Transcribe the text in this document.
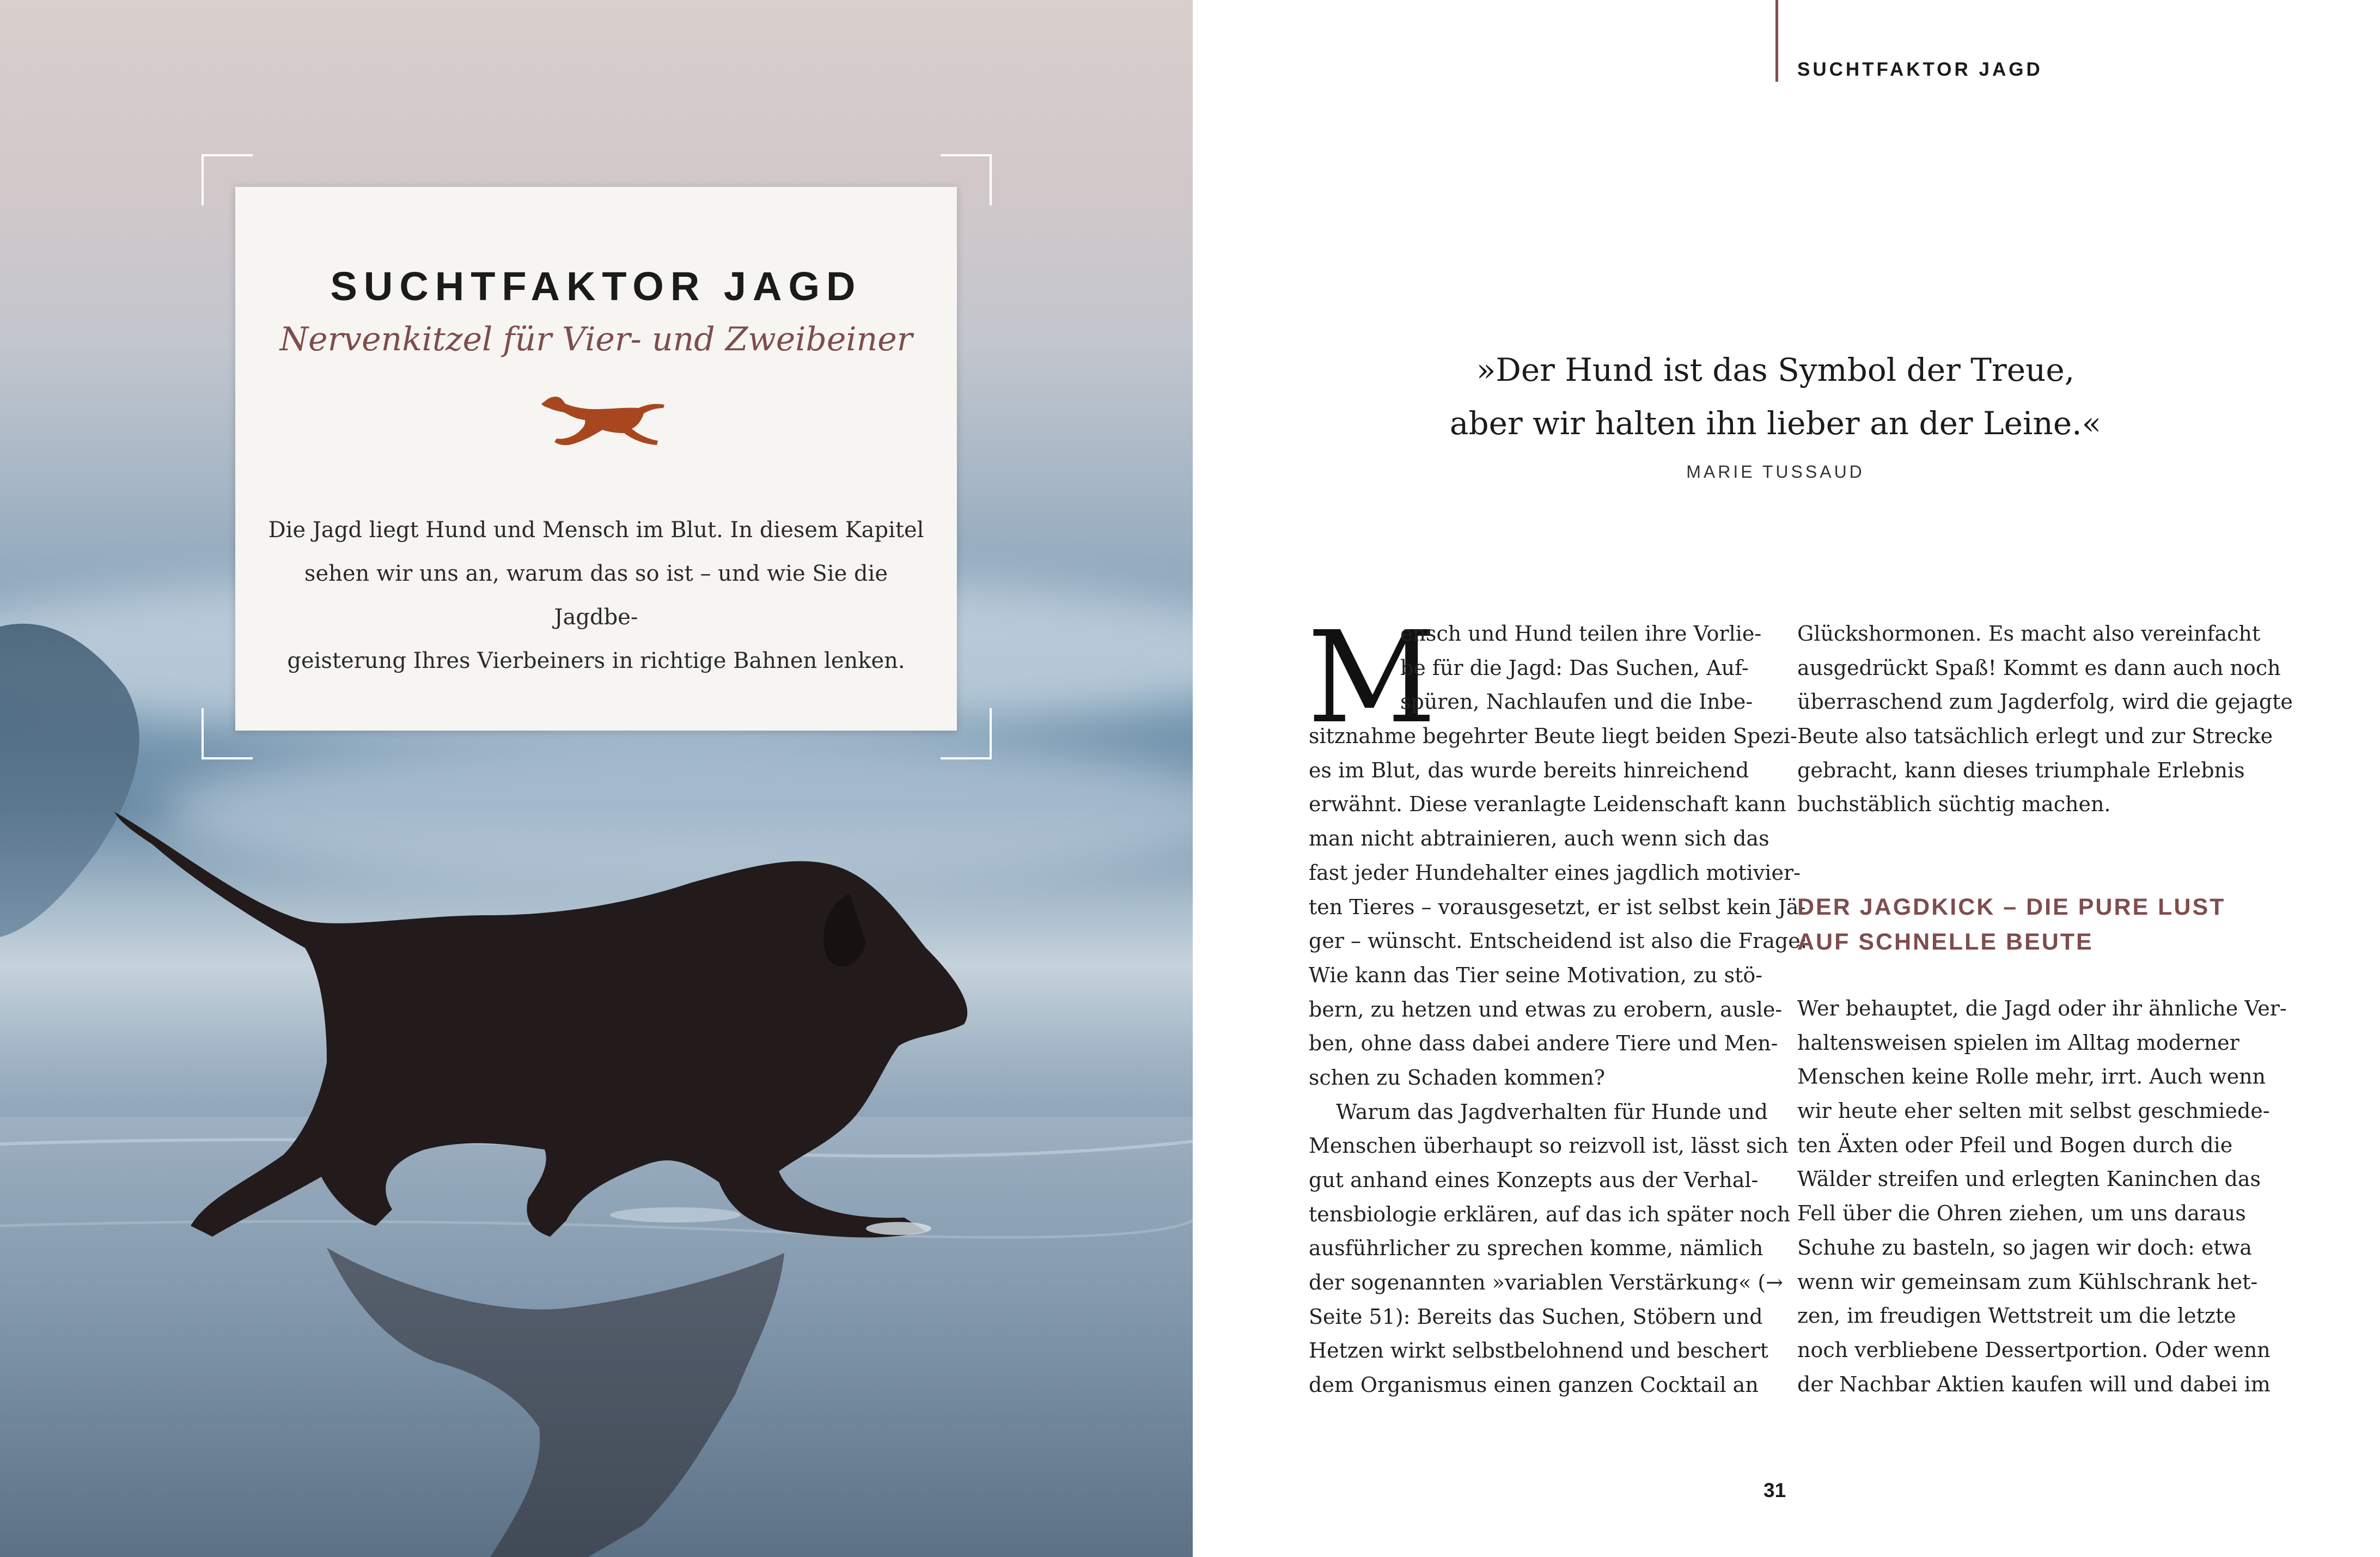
SUCHTFAKTOR JAGD
Nervenkitzel für Vier- und Zweibeiner
Die Jagd liegt Hund und Mensch im Blut. In diesem Kapitel
sehen wir uns an, warum das so ist – und wie Sie die Jagdbe-
geisterung Ihres Vierbeiners in richtige Bahnen lenken.
SUCHTFAKTOR JAGD
»Der Hund ist das Symbol der Treue,
aber wir halten ihn lieber an der Leine.«
MARIE TUSSAUD
M
ensch und Hund teilen ihre Vorlie-
be für die Jagd: Das Suchen, Auf-
spüren, Nachlaufen und die Inbe-
sitznahme begehrter Beute liegt beiden Spezi-
es im Blut, das wurde bereits hinreichend
erwähnt. Diese veranlagte Leidenschaft kann
man nicht abtrainieren, auch wenn sich das
fast jeder Hundehalter eines jagdlich motivier-
ten Tieres – vorausgesetzt, er ist selbst kein Jä-
ger – wünscht. Entscheidend ist also die Frage:
Wie kann das Tier seine Motivation, zu stö-
bern, zu hetzen und etwas zu erobern, ausle-
ben, ohne dass dabei andere Tiere und Men-
schen zu Schaden kommen?
Warum das Jagdverhalten für Hunde und
Menschen überhaupt so reizvoll ist, lässt sich
gut anhand eines Konzepts aus der Verhal-
tensbiologie erklären, auf das ich später noch
ausführlicher zu sprechen komme, nämlich
der sogenannten »variablen Verstärkung« (→
Seite 51): Bereits das Suchen, Stöbern und
Hetzen wirkt selbstbelohnend und beschert
dem Organismus einen ganzen Cocktail an
Glückshormonen. Es macht also vereinfacht
ausgedrückt Spaß! Kommt es dann auch noch
überraschend zum Jagderfolg, wird die gejagte
Beute also tatsächlich erlegt und zur Strecke
gebracht, kann dieses triumphale Erlebnis
buchstäblich süchtig machen.
DER JAGDKICK – DIE PURE LUST
AUF SCHNELLE BEUTE
Wer behauptet, die Jagd oder ihr ähnliche Ver-
haltensweisen spielen im Alltag moderner
Menschen keine Rolle mehr, irrt. Auch wenn
wir heute eher selten mit selbst geschmiede-
ten Äxten oder Pfeil und Bogen durch die
Wälder streifen und erlegten Kaninchen das
Fell über die Ohren ziehen, um uns daraus
Schuhe zu basteln, so jagen wir doch: etwa
wenn wir gemeinsam zum Kühlschrank het-
zen, im freudigen Wettstreit um die letzte
noch verbliebene Dessertportion. Oder wenn
der Nachbar Aktien kaufen will und dabei im
31
